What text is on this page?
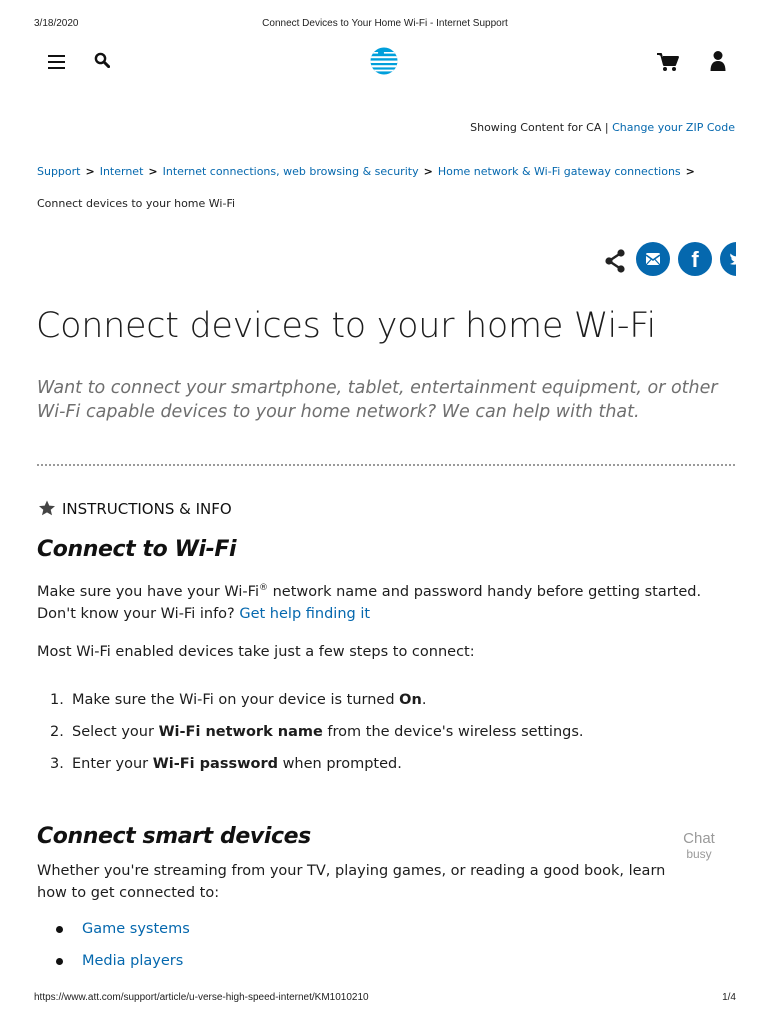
3/18/2020	Connect Devices to Your Home Wi-Fi - Internet Support
Showing Content for CA | Change your ZIP Code
Support > Internet > Internet connections, web browsing & security > Home network & Wi-Fi gateway connections >
Connect devices to your home Wi-Fi
f
Connect devices to your home Wi-Fi

Want to connect your smartphone, tablet, entertainment equipment, or other Wi-Fi capable devices to your home network? We can help with that.

INSTRUCTIONS & INFO
Connect to Wi-Fi

Make sure you have your Wi-Fi® network name and password handy before getting started. Don't know your Wi-Fi info? Get help finding it

Most Wi-Fi enabled devices take just a few steps to connect:

1. Make sure the Wi-Fi on your device is turned On.
2. Select your Wi-Fi network name from the device's wireless settings.
3. Enter your Wi-Fi password when prompted.
Connect smart devices

Whether you're streaming from your TV, playing games, or reading a good book, learn how to get connected to:

Game systems
Media players
Chat
busy
https://www.att.com/support/article/u-verse-high-speed-internet/KM1010210	1/4
